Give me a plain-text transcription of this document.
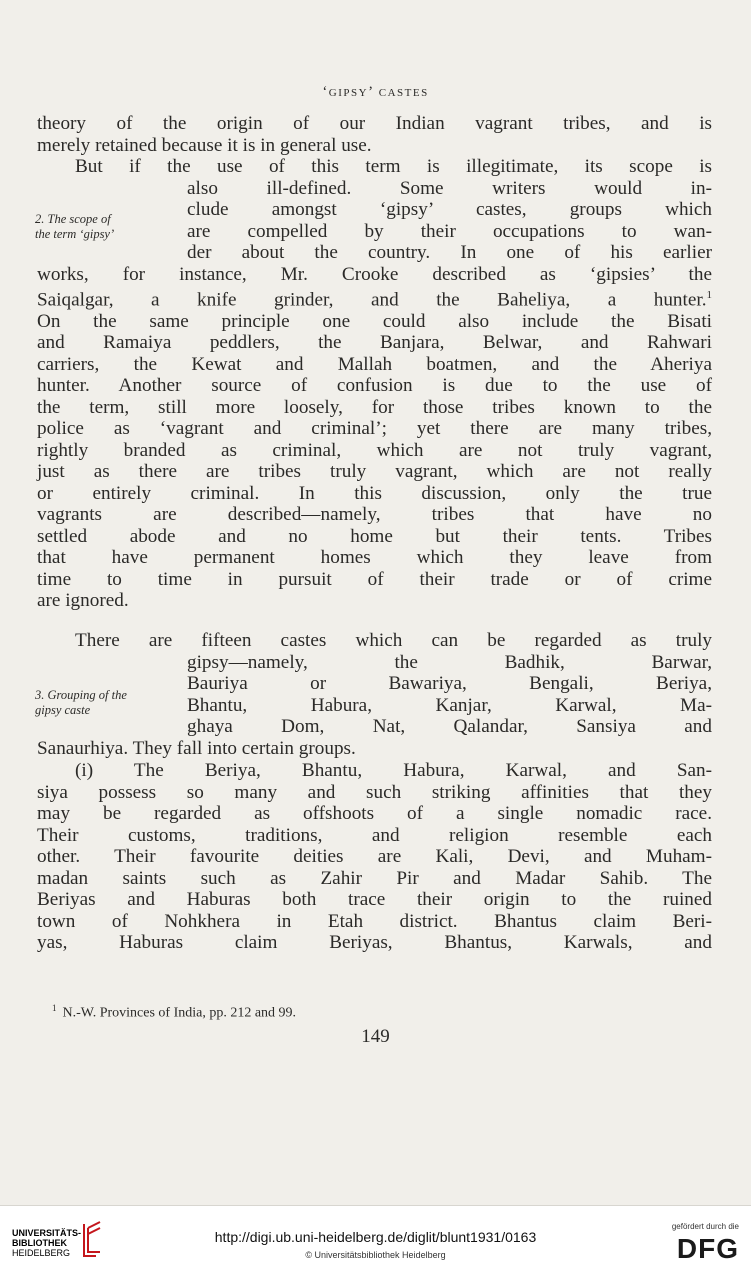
‘gipsy’ castes
theory of the origin of our Indian vagrant tribes, and is
merely retained because it is in general use.
But if the use of this term is illegitimate, its scope is
also ill-defined. Some writers would in-
clude amongst ‘gipsy’ castes, groups which
are compelled by their occupations to wan-
der about the country. In one of his earlier
works, for instance, Mr. Crooke described as ‘gipsies’ the
Saiqalgar, a knife grinder, and the Baheliya, a hunter.$^1$
On the same principle one could also include the Bisati
and Ramaiya peddlers, the Banjara, Belwar, and Rahwari
carriers, the Kewat and Mallah boatmen, and the Aheriya
hunter. Another source of confusion is due to the use of
the term, still more loosely, for those tribes known to the
police as ‘vagrant and criminal’; yet there are many tribes,
rightly branded as criminal, which are not truly vagrant,
just as there are tribes truly vagrant, which are not really
or entirely criminal. In this discussion, only the true
vagrants are described—namely, tribes that have no
settled abode and no home but their tents. Tribes
that have permanent homes which they leave from
time to time in pursuit of their trade or of crime
are ignored.
There are fifteen castes which can be regarded as truly
gipsy—namely, the Badhik, Barwar,
Bauriya or Bawariya, Bengali, Beriya,
Bhantu, Habura, Kanjar, Karwal, Ma-
ghaya Dom, Nat, Qalandar, Sansiya and
Sanaurhiya. They fall into certain groups.
(i) The Beriya, Bhantu, Habura, Karwal, and San-
siya possess so many and such striking affinities that they
may be regarded as offshoots of a single nomadic race.
Their customs, traditions, and religion resemble each
other. Their favourite deities are Kali, Devi, and Muham-
madan saints such as Zahir Pir and Madar Sahib. The
Beriyas and Haburas both trace their origin to the ruined
town of Nohkhera in Etah district. Bhantus claim Beri-
yas, Haburas claim Beriyas, Bhantus, Karwals, and
2. The scope of
the term ‘gipsy’
3. Grouping of the
gipsy caste
$^1$ N.-W. Provinces of India, pp. 212 and 99.
149
UNIVERSITÄTS-
BIBLIOTHEK
HEIDELBERG
http://digi.ub.uni-heidelberg.de/diglit/blunt1931/0163
© Universitätsbibliothek Heidelberg
gefördert durch die
DFG
